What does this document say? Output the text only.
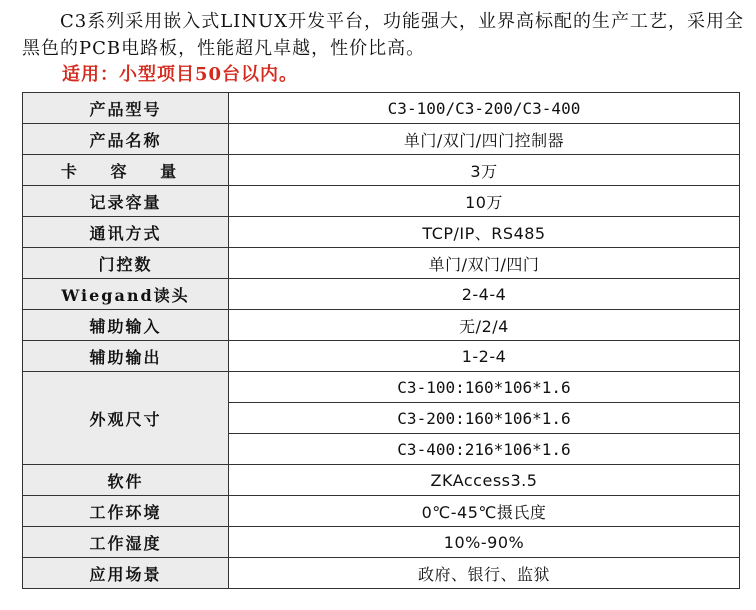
C3系列采用嵌入式LINUX开发平台，功能强大，业界高标配的生产工艺，采用全黑色的PCB电路板，性能超凡卓越，性价比高。

适用：小型项目50台以内。
产品型号	C3-100/C3-200/C3-400
产品名称	单门/双门/四门控制器
卡 容 量	3万
记录容量	10万
通讯方式	TCP/IP、RS485
门控数	单门/双门/四门
Wiegand读头	2-4-4
辅助输入	无/2/4
辅助输出	1-2-4
外观尺寸	C3-100:160*106*1.6
	C3-200:160*106*1.6
	C3-400:216*106*1.6
软件	ZKAccess3.5
工作环境	0℃-45℃摄氏度
工作湿度	10%-90%
应用场景	政府、银行、监狱
